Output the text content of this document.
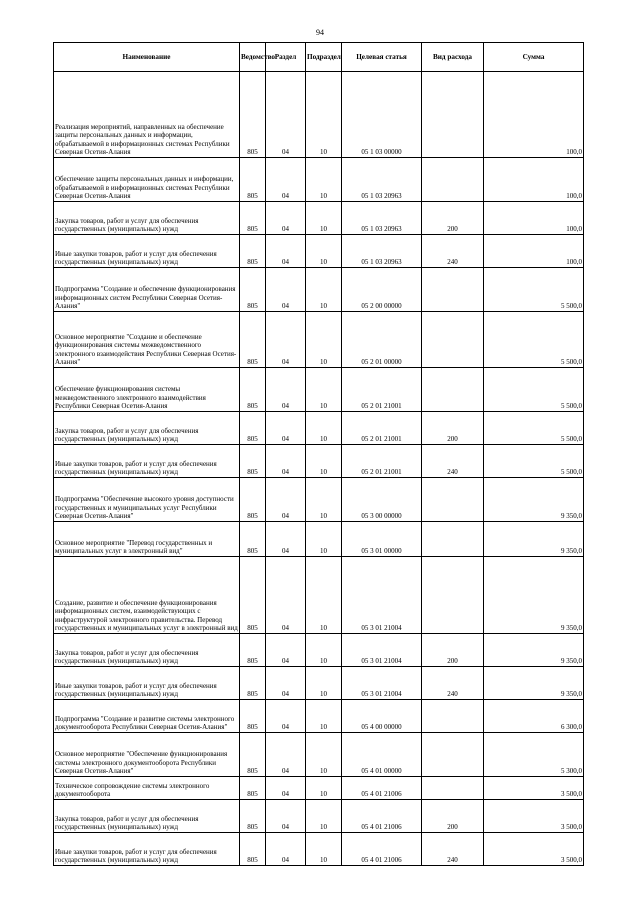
94
Наименование	Ведомство	Раздел	Подраздел	Целевая статья	Вид расхода	Сумма
Реализация мероприятий, направленных на обеспечение защиты персональных данных и информации, обрабатываемой в информационных системах Республики Северная Осетия-Алания	805	04	10	05 1 03 00000		100,0
Обеспечение защиты персональных данных и информации, обрабатываемой в информационных системах Республики Северная Осетия-Алания	805	04	10	05 1 03 20963		100,0
Закупка товаров, работ и услуг для обеспечения государственных (муниципальных) нужд	805	04	10	05 1 03 20963	200	100,0
Иные закупки товаров, работ и услуг для обеспечения государственных (муниципальных) нужд	805	04	10	05 1 03 20963	240	100,0
Подпрограмма "Создание и обеспечение функционирования информационных систем Республики Северная Осетия-Алания"	805	04	10	05 2 00 00000		5 500,0
Основное мероприятие "Создание и обеспечение функционирования системы межведомственного электронного взаимодействия Республики Северная Осетия-Алания"	805	04	10	05 2 01 00000		5 500,0
Обеспечение функционирования системы межведомственного электронного взаимодействия Республики Северная Осетия-Алания	805	04	10	05 2 01 21001		5 500,0
Закупка товаров, работ и услуг для обеспечения государственных (муниципальных) нужд	805	04	10	05 2 01 21001	200	5 500,0
Иные закупки товаров, работ и услуг для обеспечения государственных (муниципальных) нужд	805	04	10	05 2 01 21001	240	5 500,0
Подпрограмма "Обеспечение высокого уровня доступности государственных и муниципальных услуг Республики Северная Осетия-Алания"	805	04	10	05 3 00 00000		9 350,0
Основное мероприятие "Перевод государственных и муниципальных услуг в электронный вид"	805	04	10	05 3 01 00000		9 350,0
Создание, развитие и обеспечение функционирования информационных систем, взаимодействующих с инфраструктурой электронного правительства. Перевод государственных и муниципальных услуг в электронный вид	805	04	10	05 3 01 21004		9 350,0
Закупка товаров, работ и услуг для обеспечения государственных (муниципальных) нужд	805	04	10	05 3 01 21004	200	9 350,0
Иные закупки товаров, работ и услуг для обеспечения государственных (муниципальных) нужд	805	04	10	05 3 01 21004	240	9 350,0
Подпрограмма "Создание и развитие системы электронного документооборота Республики Северная Осетия-Алания"	805	04	10	05 4 00 00000		6 300,0
Основное мероприятие "Обеспечение функционирования системы электронного документооборота Республики Северная Осетия-Алания"	805	04	10	05 4 01 00000		5 300,0
Техническое сопровождение системы электронного документооборота	805	04	10	05 4 01 21006		3 500,0
Закупка товаров, работ и услуг для обеспечения государственных (муниципальных) нужд	805	04	10	05 4 01 21006	200	3 500,0
Иные закупки товаров, работ и услуг для обеспечения государственных (муниципальных) нужд	805	04	10	05 4 01 21006	240	3 500,0
